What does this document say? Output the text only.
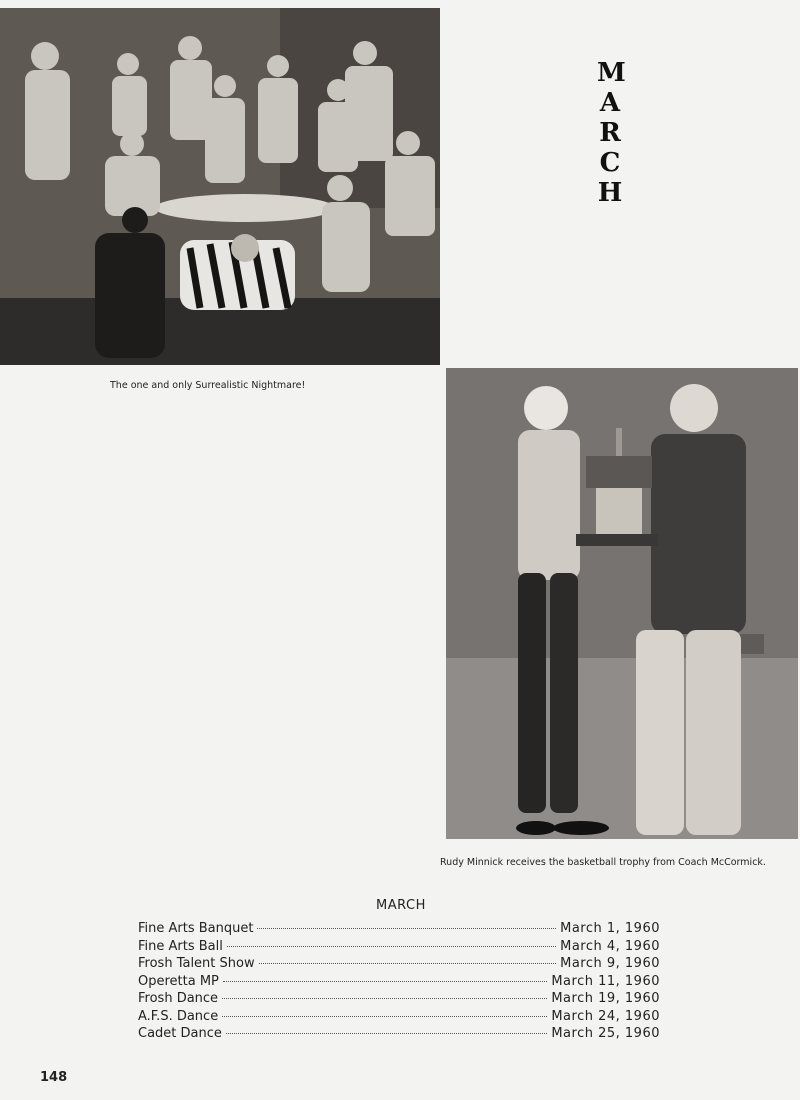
M
A
R
C
H
The one and only Surrealistic Nightmare!
Rudy Minnick receives the basketball trophy from Coach McCormick.
MARCH
Fine Arts Banquet	March 1, 1960
Fine Arts Ball	March 4, 1960
Frosh Talent Show	March 9, 1960
Operetta MP	March 11, 1960
Frosh Dance	March 19, 1960
A.F.S. Dance	March 24, 1960
Cadet Dance	March 25, 1960
148
